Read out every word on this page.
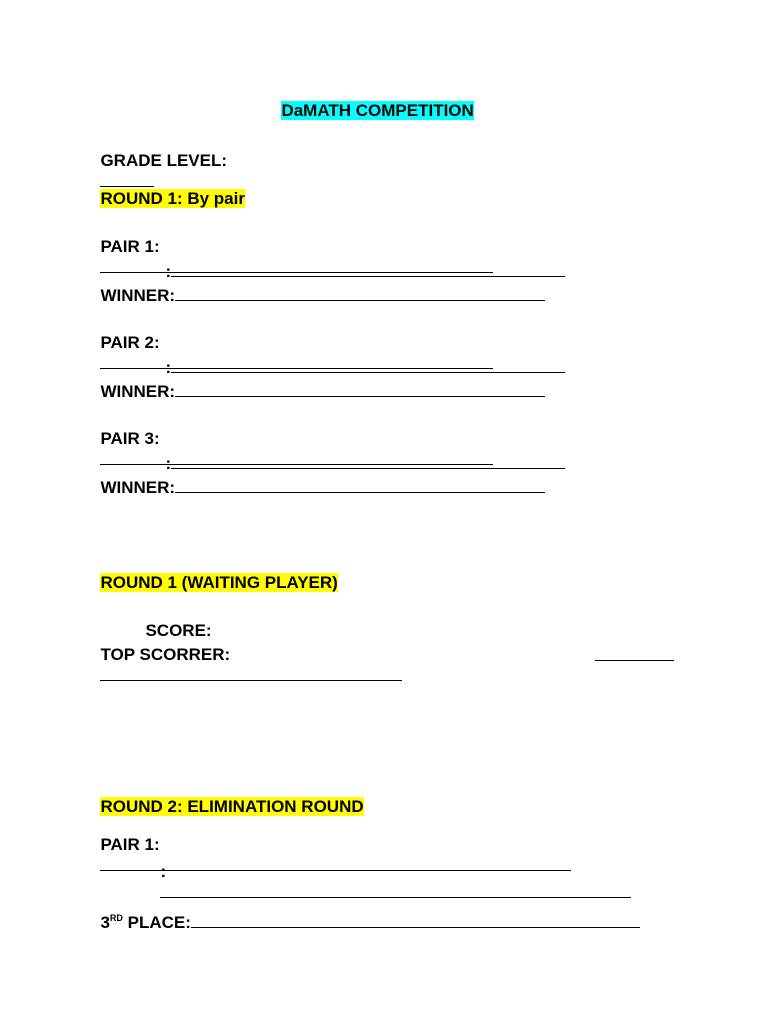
DaMATH COMPETITION

GRADE LEVEL:

ROUND 1: By pair

PAIR 1:

:

WINNER:

PAIR 2:

:

WINNER:

PAIR 3:

:

WINNER:

ROUND 1 (WAITING PLAYER)

SCORE:

TOP SCORRER:

ROUND 2: ELIMINATION ROUND

PAIR 1:

:

3RD PLACE:
